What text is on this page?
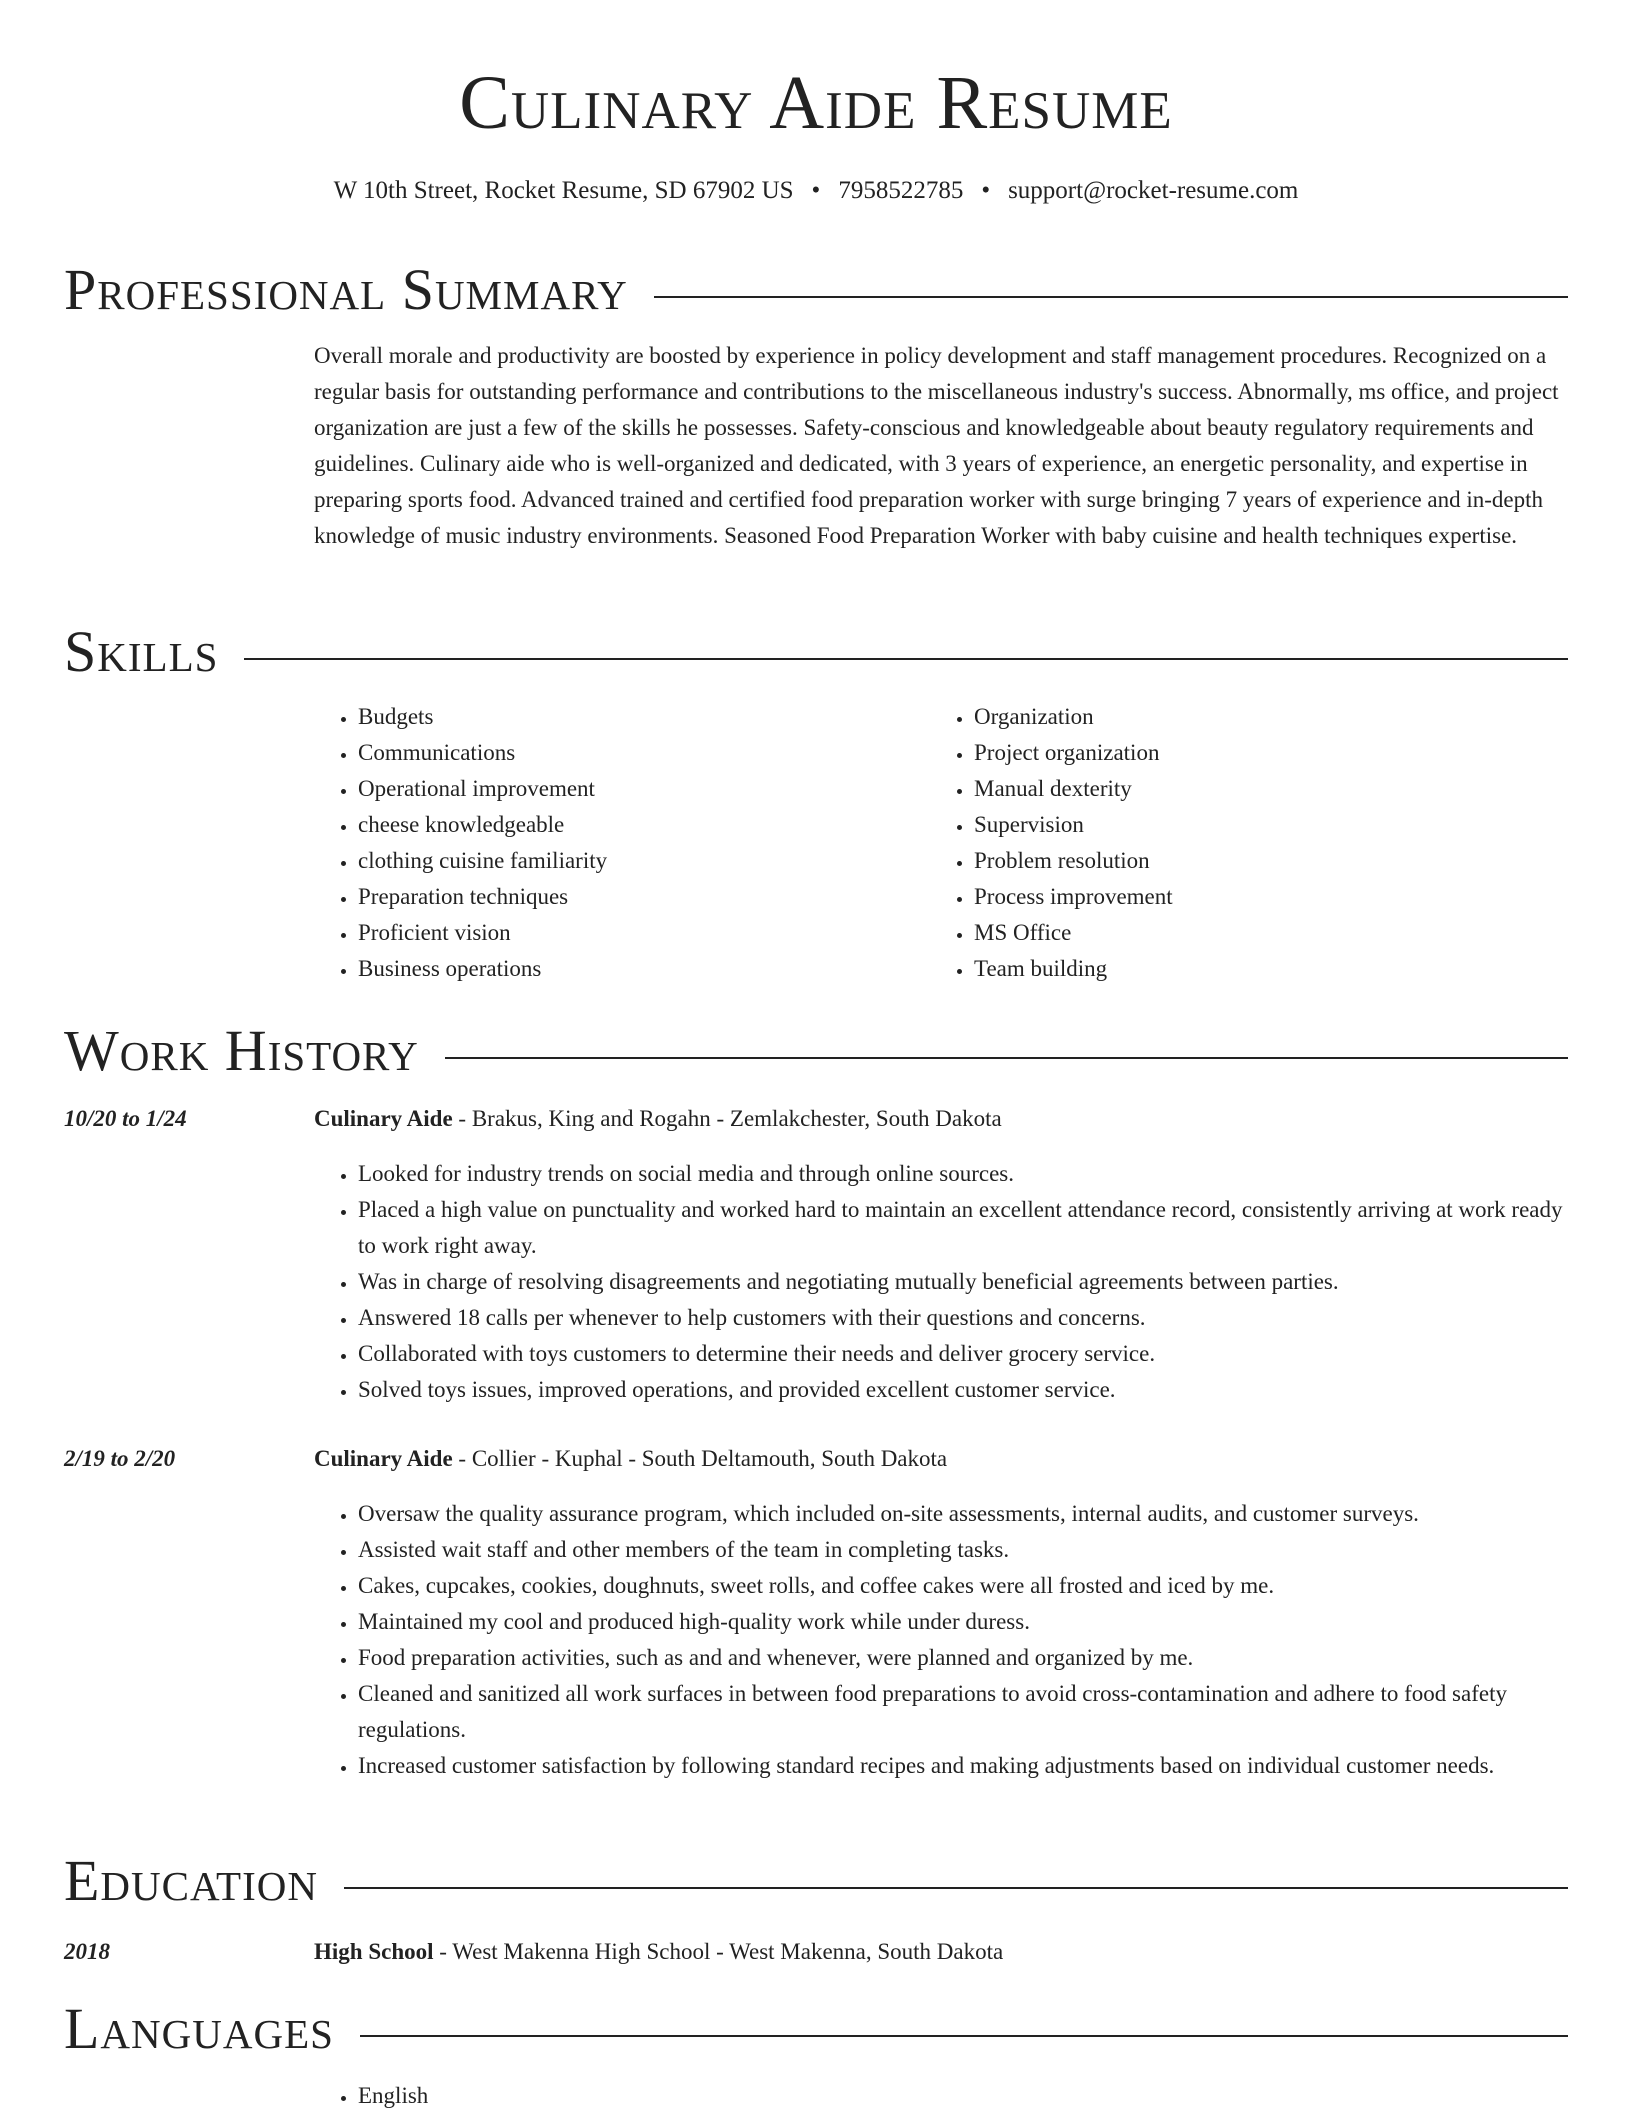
Culinary Aide Resume
W 10th Street, Rocket Resume, SD 67902 US • 7958522785 • support@rocket-resume.com
Professional Summary
Overall morale and productivity are boosted by experience in policy development and staff management procedures. Recognized on a regular basis for outstanding performance and contributions to the miscellaneous industry's success. Abnormally, ms office, and project organization are just a few of the skills he possesses. Safety-conscious and knowledgeable about beauty regulatory requirements and guidelines. Culinary aide who is well-organized and dedicated, with 3 years of experience, an energetic personality, and expertise in preparing sports food. Advanced trained and certified food preparation worker with surge bringing 7 years of experience and in-depth knowledge of music industry environments. Seasoned Food Preparation Worker with baby cuisine and health techniques expertise.
Skills
• Budgets
• Communications
• Operational improvement
• cheese knowledgeable
• clothing cuisine familiarity
• Preparation techniques
• Proficient vision
• Business operations
• Organization
• Project organization
• Manual dexterity
• Supervision
• Problem resolution
• Process improvement
• MS Office
• Team building
Work History
10/20 to 1/24	Culinary Aide - Brakus, King and Rogahn - Zemlakchester, South Dakota
• Looked for industry trends on social media and through online sources.
• Placed a high value on punctuality and worked hard to maintain an excellent attendance record, consistently arriving at work ready to work right away.
• Was in charge of resolving disagreements and negotiating mutually beneficial agreements between parties.
• Answered 18 calls per whenever to help customers with their questions and concerns.
• Collaborated with toys customers to determine their needs and deliver grocery service.
• Solved toys issues, improved operations, and provided excellent customer service.
2/19 to 2/20	Culinary Aide - Collier - Kuphal - South Deltamouth, South Dakota
• Oversaw the quality assurance program, which included on-site assessments, internal audits, and customer surveys.
• Assisted wait staff and other members of the team in completing tasks.
• Cakes, cupcakes, cookies, doughnuts, sweet rolls, and coffee cakes were all frosted and iced by me.
• Maintained my cool and produced high-quality work while under duress.
• Food preparation activities, such as and and whenever, were planned and organized by me.
• Cleaned and sanitized all work surfaces in between food preparations to avoid cross-contamination and adhere to food safety regulations.
• Increased customer satisfaction by following standard recipes and making adjustments based on individual customer needs.
Education
2018	High School - West Makenna High School - West Makenna, South Dakota
Languages
• English
